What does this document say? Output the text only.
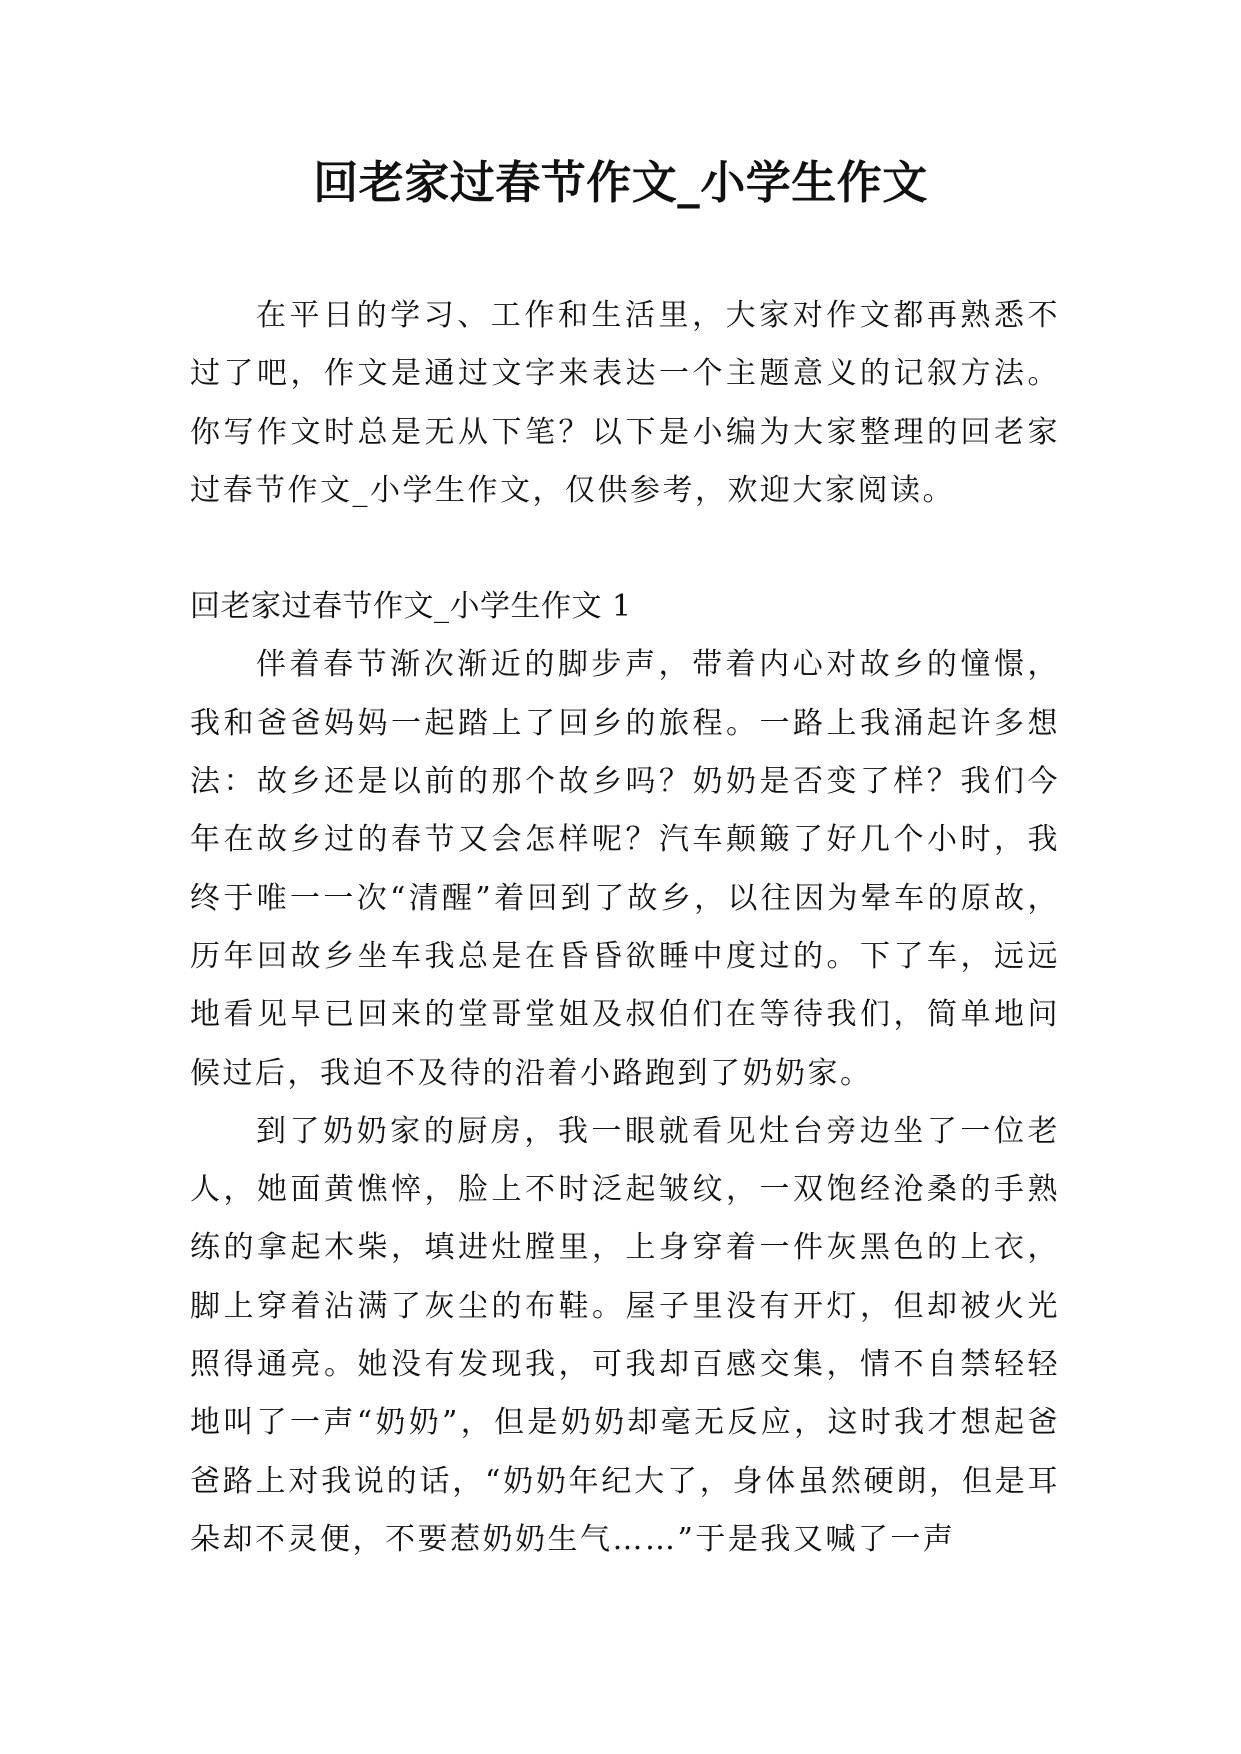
回老家过春节作文_小学生作文

在平日的学习、工作和生活里，大家对作文都再熟悉不过了吧，作文是通过文字来表达一个主题意义的记叙方法。你写作文时总是无从下笔？以下是小编为大家整理的回老家过春节作文_小学生作文，仅供参考，欢迎大家阅读。

回老家过春节作文_小学生作文 1

伴着春节渐次渐近的脚步声，带着内心对故乡的憧憬，我和爸爸妈妈一起踏上了回乡的旅程。一路上我涌起许多想法：故乡还是以前的那个故乡吗？奶奶是否变了样？我们今年在故乡过的春节又会怎样呢？汽车颠簸了好几个小时，我终于唯一一次“清醒”着回到了故乡，以往因为晕车的原故，历年回故乡坐车我总是在昏昏欲睡中度过的。下了车，远远地看见早已回来的堂哥堂姐及叔伯们在等待我们，简单地问候过后，我迫不及待的沿着小路跑到了奶奶家。

到了奶奶家的厨房，我一眼就看见灶台旁边坐了一位老人，她面黄憔悴，脸上不时泛起皱纹，一双饱经沧桑的手熟练的拿起木柴，填进灶膛里，上身穿着一件灰黑色的上衣，脚上穿着沾满了灰尘的布鞋。屋子里没有开灯，但却被火光照得通亮。她没有发现我，可我却百感交集，情不自禁轻轻地叫了一声“奶奶”，但是奶奶却毫无反应，这时我才想起爸爸路上对我说的话，“奶奶年纪大了，身体虽然硬朗，但是耳朵却不灵便，不要惹奶奶生气……”于是我又喊了一声
